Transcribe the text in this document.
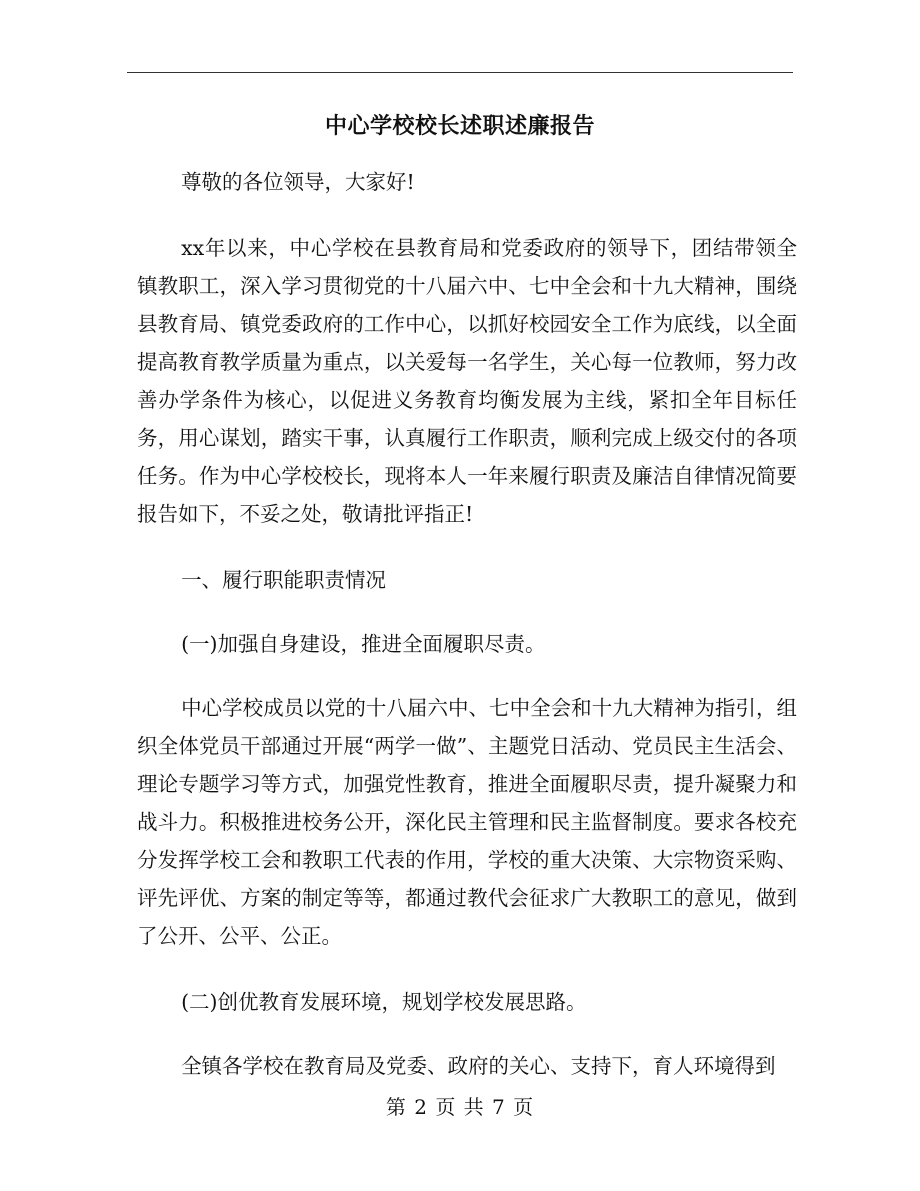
中心学校校长述职述廉报告

尊敬的各位领导，大家好!

xx年以来，中心学校在县教育局和党委政府的领导下，团结带领全镇教职工，深入学习贯彻党的十八届六中、七中全会和十九大精神，围绕县教育局、镇党委政府的工作中心，以抓好校园安全工作为底线，以全面提高教育教学质量为重点，以关爱每一名学生，关心每一位教师，努力改善办学条件为核心，以促进义务教育均衡发展为主线，紧扣全年目标任务，用心谋划，踏实干事，认真履行工作职责，顺利完成上级交付的各项任务。作为中心学校校长，现将本人一年来履行职责及廉洁自律情况简要报告如下，不妥之处，敬请批评指正!

一、履行职能职责情况

(一)加强自身建设，推进全面履职尽责。

中心学校成员以党的十八届六中、七中全会和十九大精神为指引，组织全体党员干部通过开展“两学一做”、主题党日活动、党员民主生活会、理论专题学习等方式，加强党性教育，推进全面履职尽责，提升凝聚力和战斗力。积极推进校务公开，深化民主管理和民主监督制度。要求各校充分发挥学校工会和教职工代表的作用，学校的重大决策、大宗物资采购、评先评优、方案的制定等等，都通过教代会征求广大教职工的意见，做到了公开、公平、公正。

(二)创优教育发展环境，规划学校发展思路。

全镇各学校在教育局及党委、政府的关心、支持下，育人环境得到

第 2 页 共 7 页
